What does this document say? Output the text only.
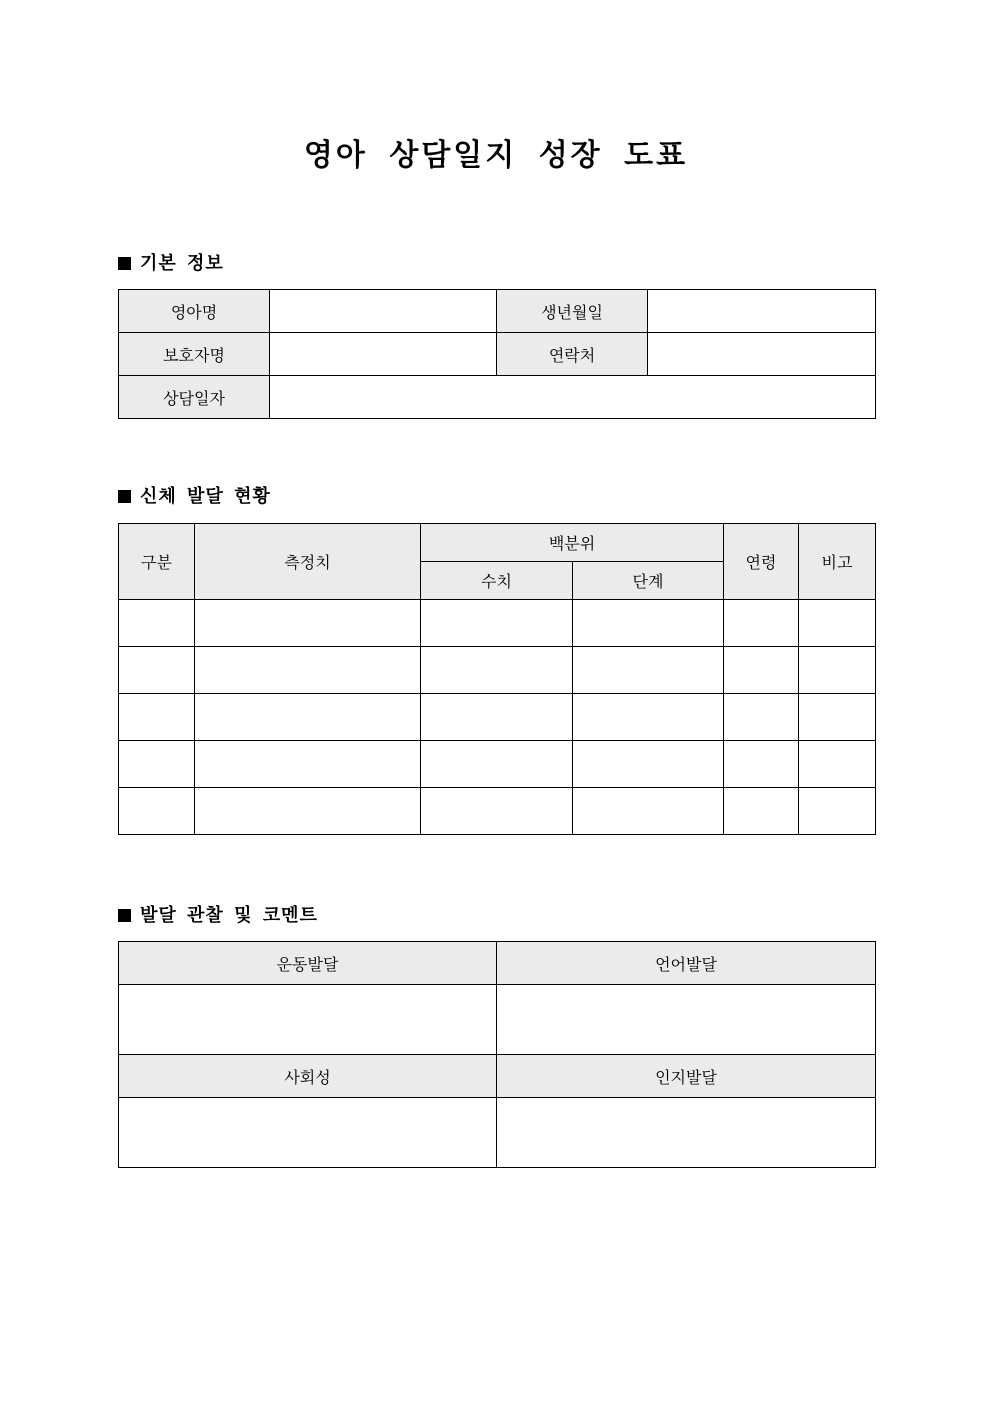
영아 상담일지 성장 도표
기본 정보
영아명		생년월일	
보호자명		연락처	
상담일자			
신체 발달 현황
구분	측정치	백분위		연령	비고
		수치	단계		

발달 관찰 및 코멘트
운동발달	언어발달

사회성	인지발달
